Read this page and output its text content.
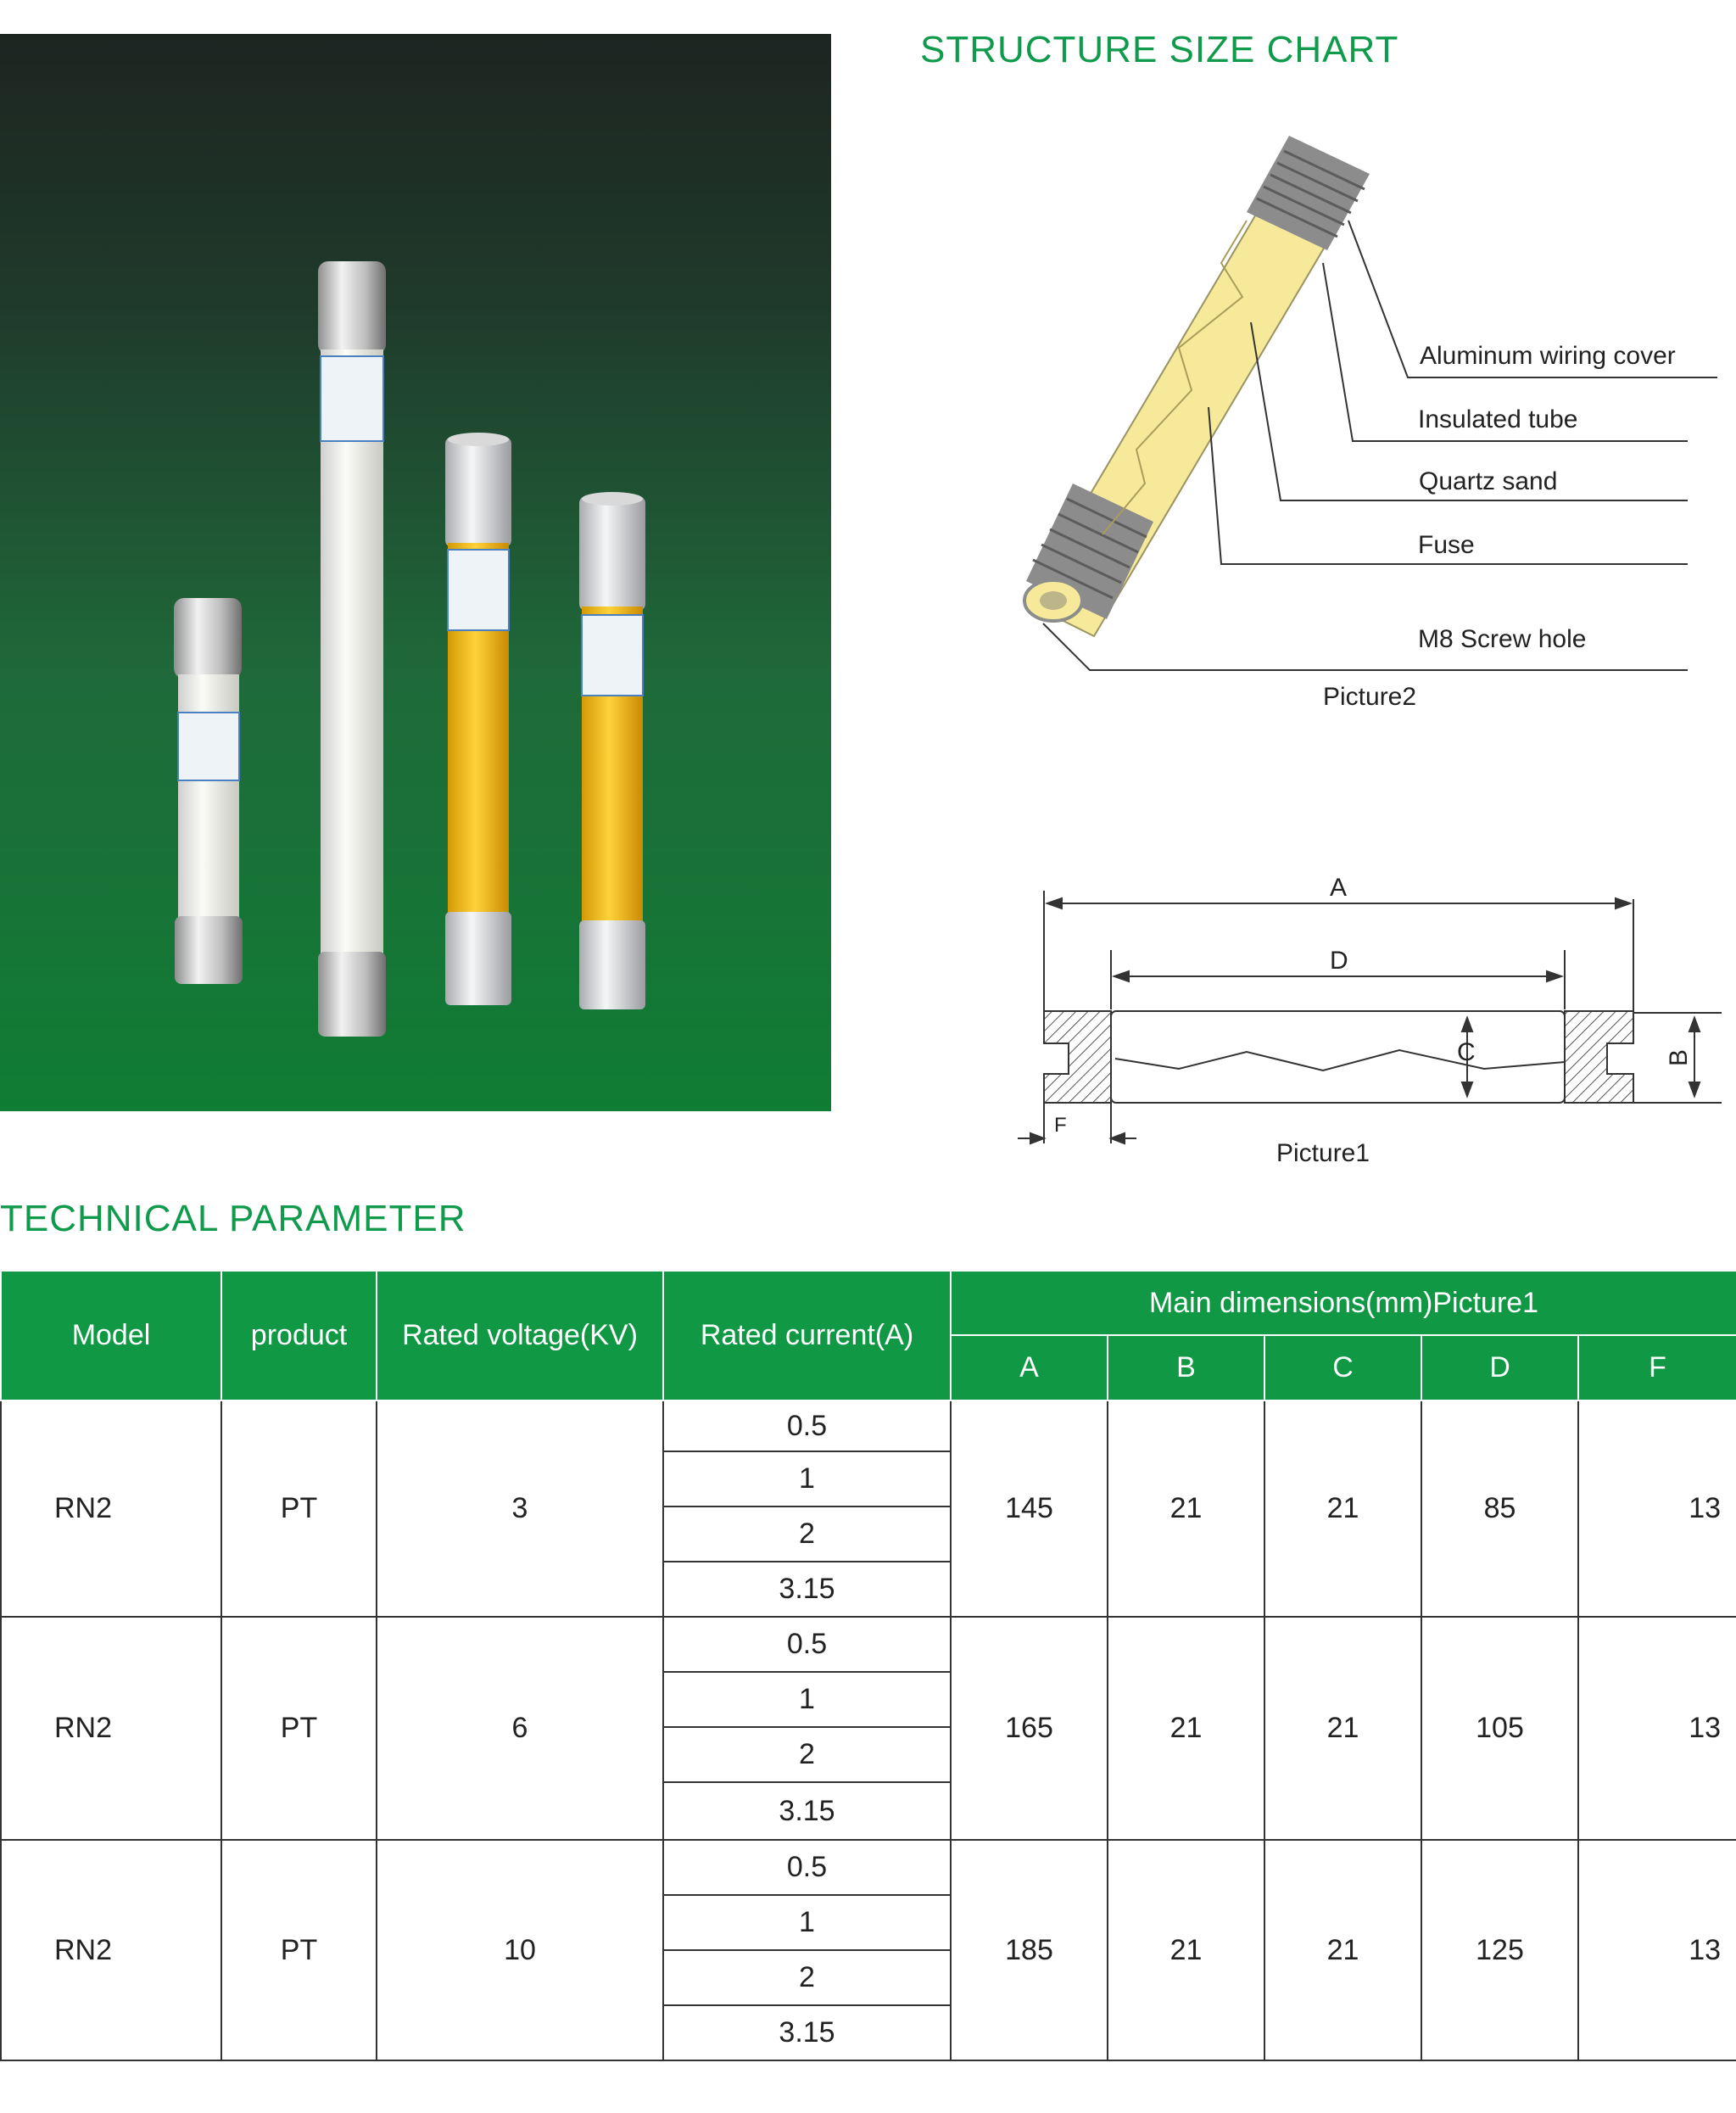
STRUCTURE SIZE CHART
Aluminum wiring cover
Insulated tube
Quartz sand
Fuse
M8 Screw hole
Picture2
A
D
C	B
F
Picture1
TECHNICAL PARAMETER
Model	product	Rated voltage(KV)	Rated current(A)	Main dimensions(mm)Picture1				
				A	B	C	D	F
RN2	PT	3	0.5	145	21	21	85	13
			1					
			2					
			3.15					
RN2	PT	6	0.5	165	21	21	105	13
			1					
			2					
			3.15					
RN2	PT	10	0.5	185	21	21	125	13
			1					
			2					
			3.15					
